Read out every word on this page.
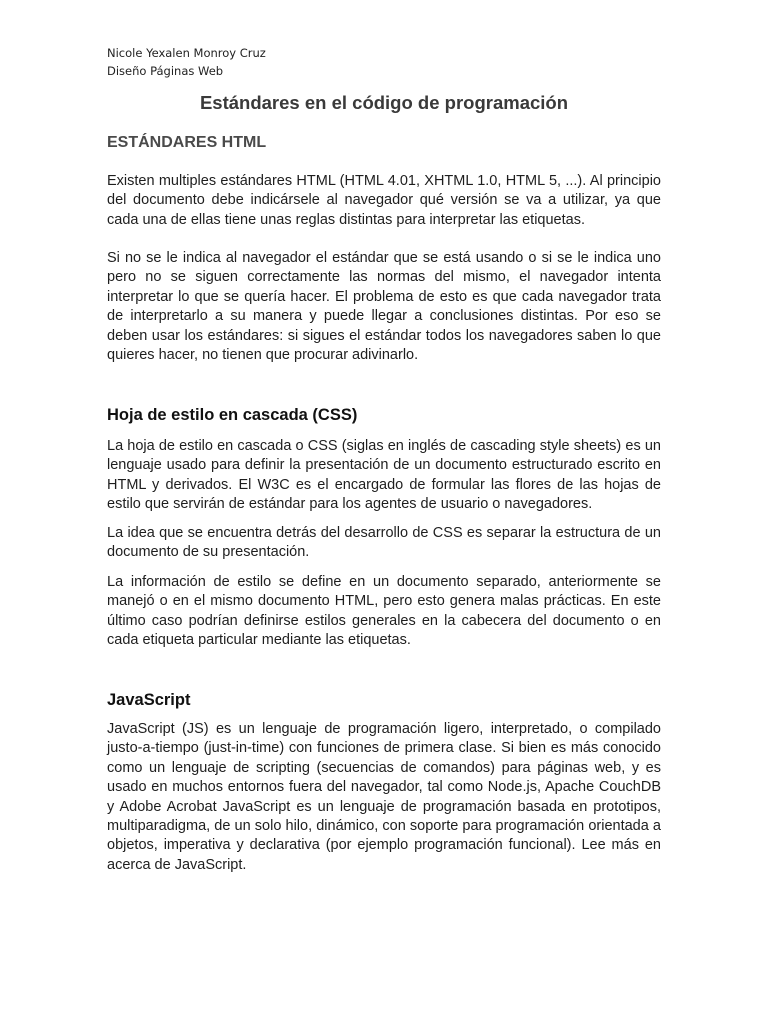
Nicole Yexalen Monroy Cruz
Diseño Páginas Web
Estándares en el código de programación
ESTÁNDARES HTML

Existen multiples estándares HTML (HTML 4.01, XHTML 1.0, HTML 5, ...). Al principio del documento debe indicársele al navegador qué versión se va a utilizar, ya que cada una de ellas tiene unas reglas distintas para interpretar las etiquetas.

Si no se le indica al navegador el estándar que se está usando o si se le indica uno pero no se siguen correctamente las normas del mismo, el navegador intenta interpretar lo que se quería hacer. El problema de esto es que cada navegador trata de interpretarlo a su manera y puede llegar a conclusiones distintas. Por eso se deben usar los estándares: si sigues el estándar todos los navegadores saben lo que quieres hacer, no tienen que procurar adivinarlo.

Hoja de estilo en cascada (CSS)

La hoja de estilo en cascada o CSS (siglas en inglés de cascading style sheets) es un lenguaje usado para definir la presentación de un documento estructurado escrito en HTML y derivados. El W3C es el encargado de formular las flores de las hojas de estilo que servirán de estándar para los agentes de usuario o navegadores.

La idea que se encuentra detrás del desarrollo de CSS es separar la estructura de un documento de su presentación.

La información de estilo se define en un documento separado, anteriormente se manejó o en el mismo documento HTML, pero esto genera malas prácticas. En este último caso podrían definirse estilos generales en la cabecera del documento o en cada etiqueta particular mediante las etiquetas.

JavaScript

JavaScript (JS) es un lenguaje de programación ligero, interpretado, o compilado justo-a-tiempo (just-in-time) con funciones de primera clase. Si bien es más conocido como un lenguaje de scripting (secuencias de comandos) para páginas web, y es usado en muchos entornos fuera del navegador, tal como Node.js, Apache CouchDB y Adobe Acrobat JavaScript es un lenguaje de programación basada en prototipos, multiparadigma, de un solo hilo, dinámico, con soporte para programación orientada a objetos, imperativa y declarativa (por ejemplo programación funcional). Lee más en acerca de JavaScript.
